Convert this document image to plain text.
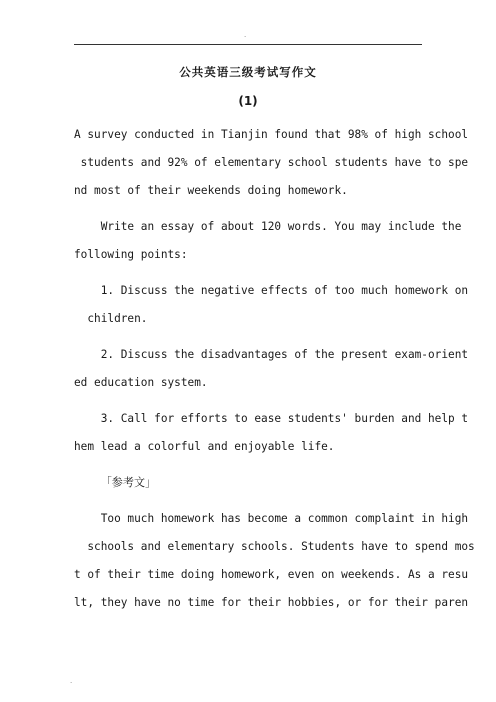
.
公共英语三级考试写作文
(1)
A survey conducted in Tianjin found that 98% of high school
students and 92% of elementary school students have to spe
nd most of their weekends doing homework.
Write an essay of about 120 words. You may include the
following points:
1. Discuss the negative effects of too much homework on
children.
2. Discuss the disadvantages of the present exam-orient
ed education system.
3. Call for efforts to ease students' burden and help t
hem lead a colorful and enjoyable life.
「参考文」
Too much homework has become a common complaint in high
schools and elementary schools. Students have to spend mos
t of their time doing homework, even on weekends. As a resu
lt, they have no time for their hobbies, or for their paren
.
